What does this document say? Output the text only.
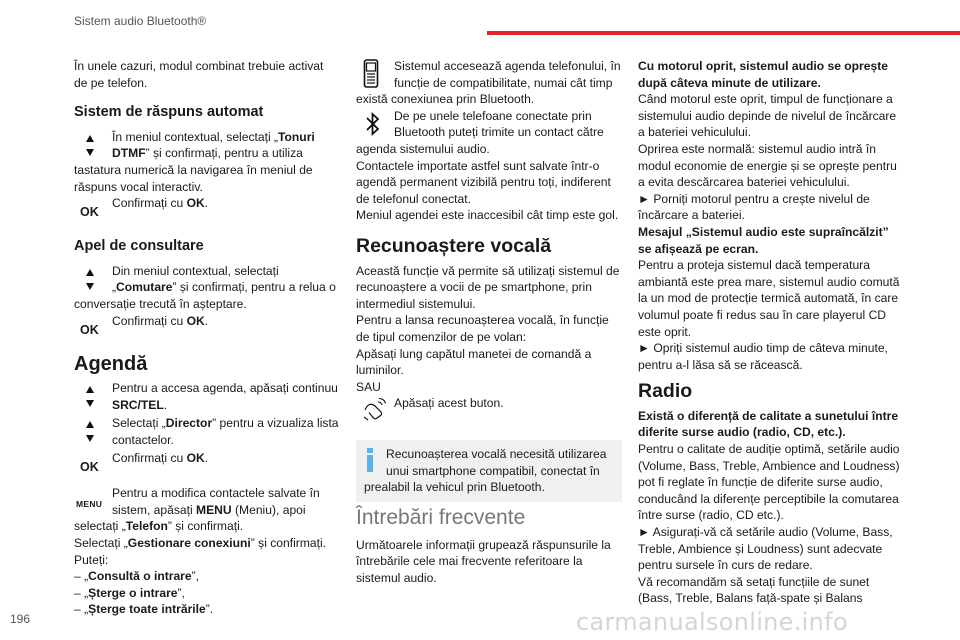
Sistem audio Bluetooth®

În unele cazuri, modul combinat trebuie activat de pe telefon.

Sistem de răspuns automat
În meniul contextual, selectați „Tonuri DTMF” și confirmați, pentru a utiliza tastatura numerică la navigarea în meniul de răspuns vocal interactiv.
OK
Confirmați cu OK.
Apel de consultare
Din meniul contextual, selectați „Comutare” și confirmați, pentru a relua o conversație trecută în așteptare.
OK
Confirmați cu OK.
Agendă
Pentru a accesa agenda, apăsați continuu SRC/TEL.
Selectați „Director” pentru a vizualiza lista contactelor.
OK
Confirmați cu OK.
MENU
Pentru a modifica contactele salvate în sistem, apăsați MENU (Meniu), apoi selectați „Telefon” și confirmați.

Selectați „Gestionare conexiuni” și confirmați.

Puteți:

– „Consultă o intrare”,

– „Șterge o intrare”,

– „Șterge toate intrările”.

Sistemul accesează agenda telefonului, în funcție de compatibilitate, numai cât timp există conexiunea prin Bluetooth.
De pe unele telefoane conectate prin Bluetooth puteți trimite un contact către agenda sistemului audio.

Contactele importate astfel sunt salvate într-o agendă permanent vizibilă pentru toți, indiferent de telefonul conectat.

Meniul agendei este inaccesibil cât timp este gol.

Recunoaștere vocală

Această funcție vă permite să utilizați sistemul de recunoaștere a vocii de pe smartphone, prin intermediul sistemului.

Pentru a lansa recunoașterea vocală, în funcție de tipul comenzilor de pe volan:

Apăsați lung capătul manetei de comandă a luminilor.

SAU

Apăsați acest buton.
Recunoașterea vocală necesită utilizarea unui smartphone compatibil, conectat în prealabil la vehicul prin Bluetooth.
Întrebări frecvente

Următoarele informații grupează răspunsurile la întrebările cele mai frecvente referitoare la sistemul audio.

Cu motorul oprit, sistemul audio se oprește după câteva minute de utilizare.

Când motorul este oprit, timpul de funcționare a sistemului audio depinde de nivelul de încărcare a bateriei vehiculului.

Oprirea este normală: sistemul audio intră în modul economie de energie și se oprește pentru a evita descărcarea bateriei vehiculului.

► Porniți motorul pentru a crește nivelul de încărcare a bateriei.

Mesajul „Sistemul audio este supraîncălzit” se afișează pe ecran.

Pentru a proteja sistemul dacă temperatura ambiantă este prea mare, sistemul audio comută la un mod de protecție termică automată, în care volumul poate fi redus sau în care playerul CD este oprit.

► Opriți sistemul audio timp de câteva minute, pentru a-l lăsa să se răcească.

Radio

Există o diferență de calitate a sunetului între diferite surse audio (radio, CD, etc.).

Pentru o calitate de audiție optimă, setările audio (Volume, Bass, Treble, Ambience and Loudness) pot fi reglate în funcție de diferite surse audio, conducând la diferențe perceptibile la comutarea între surse (radio, CD etc.).

► Asigurați-vă că setările audio (Volume, Bass, Treble, Ambience și Loudness) sunt adecvate pentru sursele în curs de redare.

Vă recomandăm să setați funcțiile de sunet (Bass, Treble, Balans față-spate și Balans

196	carmanualsonline.info
